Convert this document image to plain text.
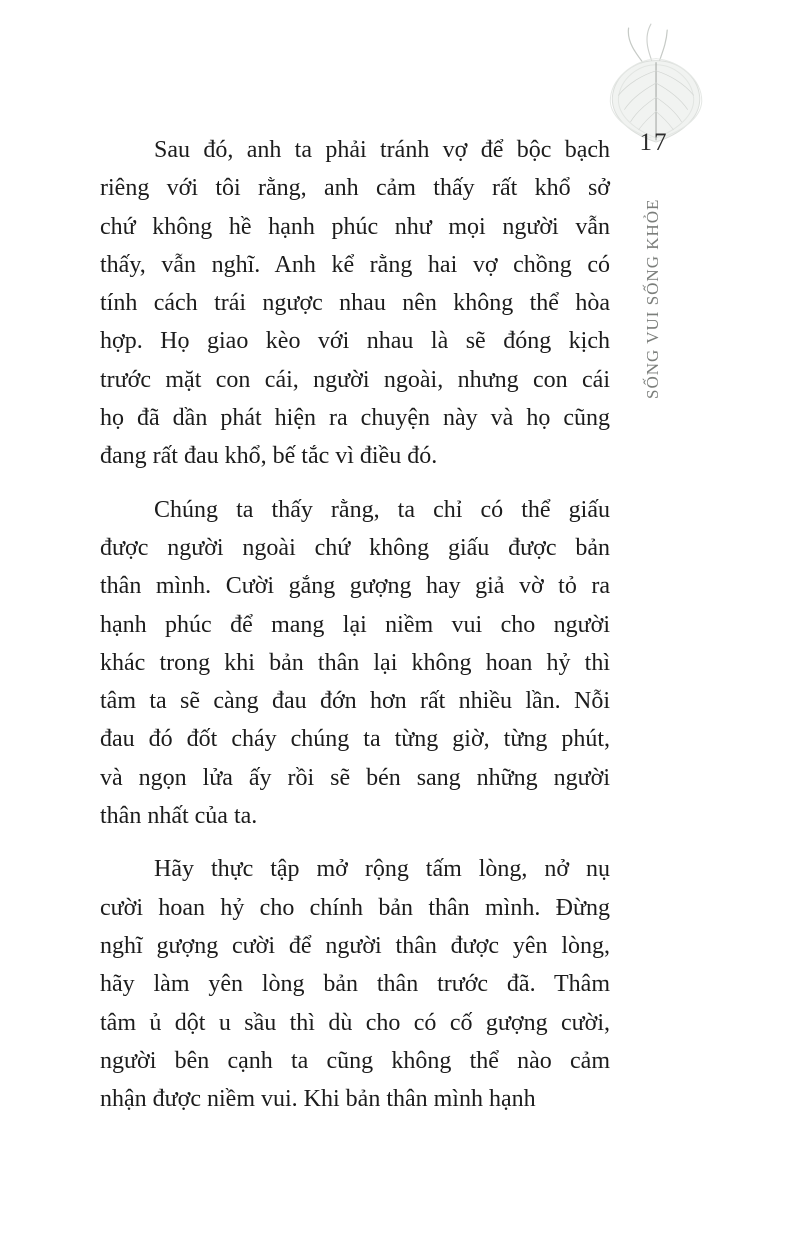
17
SỐNG VUI SỐNG KHỎE
Sau đó, anh ta phải tránh vợ để bộc bạch
riêng với tôi rằng, anh cảm thấy rất khổ sở
chứ không hề hạnh phúc như mọi người vẫn
thấy, vẫn nghĩ. Anh kể rằng hai vợ chồng có
tính cách trái ngược nhau nên không thể hòa
hợp. Họ giao kèo với nhau là sẽ đóng kịch
trước mặt con cái, người ngoài, nhưng con cái
họ đã dần phát hiện ra chuyện này và họ cũng
đang rất đau khổ, bế tắc vì điều đó.
Chúng ta thấy rằng, ta chỉ có thể giấu
được người ngoài chứ không giấu được bản
thân mình. Cười gắng gượng hay giả vờ tỏ ra
hạnh phúc để mang lại niềm vui cho người
khác trong khi bản thân lại không hoan hỷ thì
tâm ta sẽ càng đau đớn hơn rất nhiều lần. Nỗi
đau đó đốt cháy chúng ta từng giờ, từng phút,
và ngọn lửa ấy rồi sẽ bén sang những người
thân nhất của ta.
Hãy thực tập mở rộng tấm lòng, nở nụ
cười hoan hỷ cho chính bản thân mình. Đừng
nghĩ gượng cười để người thân được yên lòng,
hãy làm yên lòng bản thân trước đã. Thâm
tâm ủ dột u sầu thì dù cho có cố gượng cười,
người bên cạnh ta cũng không thể nào cảm
nhận được niềm vui. Khi bản thân mình hạnh
